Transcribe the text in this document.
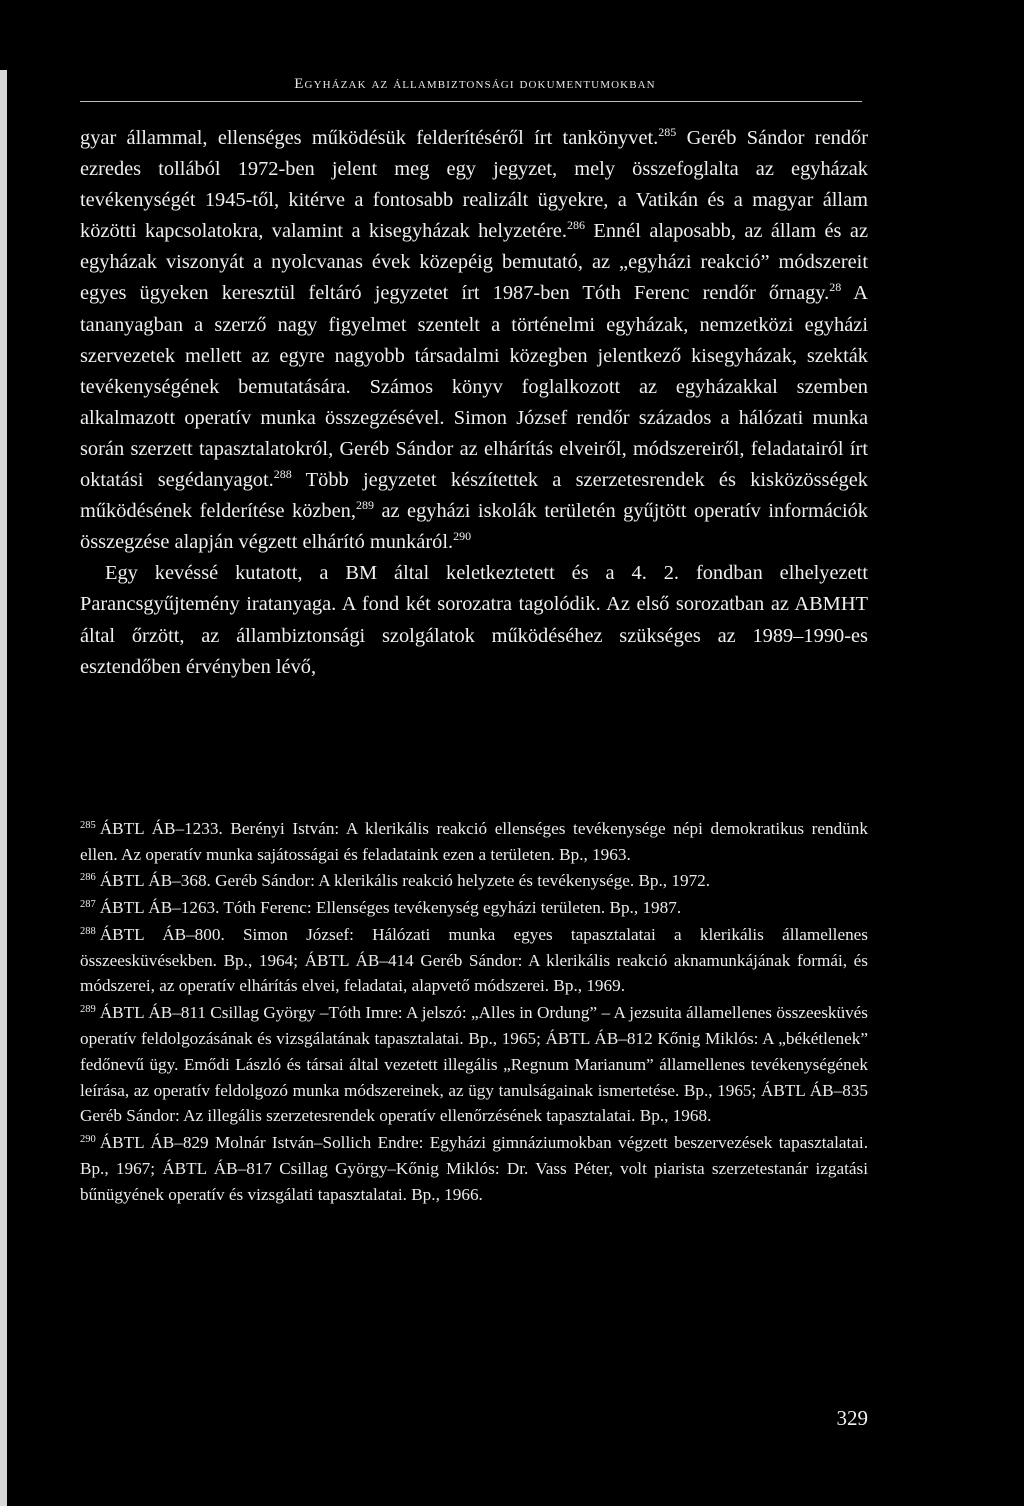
Egyházak az állambiztonsági dokumentumokban

gyar állammal, ellenséges működésük felderítéséről írt tankönyvet.$^{285}$ Geréb Sándor rendőr ezredes tollából 1972-ben jelent meg egy jegyzet, mely összefoglalta az egyházak tevékenységét 1945-től, kitérve a fontosabb realizált ügyekre, a Vatikán és a magyar állam közötti kapcsolatokra, valamint a kisegyházak helyzetére.$^{286}$ Ennél alaposabb, az állam és az egyházak viszonyát a nyolcvanas évek közepéig bemutató, az „egyházi reakció” módszereit egyes ügyeken keresztül feltáró jegyzetet írt 1987-ben Tóth Ferenc rendőr őrnagy.$^{28}$ A tananyagban a szerző nagy figyelmet szentelt a történelmi egyházak, nemzetközi egyházi szervezetek mellett az egyre nagyobb társadalmi közegben jelentkező kisegyházak, szekták tevékenységének bemutatására. Számos könyv foglalkozott az egyházakkal szemben alkalmazott operatív munka összegzésével. Simon József rendőr százados a hálózati munka során szerzett tapasztalatokról, Geréb Sándor az elhárítás elveiről, módszereiről, feladatairól írt oktatási segédanyagot.$^{288}$ Több jegyzetet készítettek a szerzetesrendek és kisközösségek működésének felderítése közben,$^{289}$ az egyházi iskolák területén gyűjtött operatív információk összegzése alapján végzett elhárító munkáról.$^{290}$

Egy kevéssé kutatott, a BM által keletkeztetett és a 4. 2. fondban elhelyezett Parancsgyűjtemény iratanyaga. A fond két sorozatra tagolódik. Az első sorozatban az ABMHT által őrzött, az állambiztonsági szolgálatok működéséhez szükséges az 1989–1990-es esztendőben érvényben lévő,

$^{285}$ ÁBTL ÁB–1233. Berényi István: A klerikális reakció ellenséges tevékenysége népi demokratikus rendünk ellen. Az operatív munka sajátosságai és feladataink ezen a területen. Bp., 1963.

$^{286}$ ÁBTL ÁB–368. Geréb Sándor: A klerikális reakció helyzete és tevékenysége. Bp., 1972.

$^{287}$ ÁBTL ÁB–1263. Tóth Ferenc: Ellenséges tevékenység egyházi területen. Bp., 1987.

$^{288}$ ÁBTL ÁB–800. Simon József: Hálózati munka egyes tapasztalatai a klerikális államellenes összeesküvésekben. Bp., 1964; ÁBTL ÁB–414 Geréb Sándor: A klerikális reakció aknamunkájának formái, és módszerei, az operatív elhárítás elvei, feladatai, alapvető módszerei. Bp., 1969.

$^{289}$ ÁBTL ÁB–811 Csillag György –Tóth Imre: A jelszó: „Alles in Ordung” – A jezsuita államellenes összeesküvés operatív feldolgozásának és vizsgálatának tapasztalatai. Bp., 1965; ÁBTL ÁB–812 Kőnig Miklós: A „békétlenek” fedőnevű ügy. Emődi László és társai által vezetett illegális „Regnum Marianum” államellenes tevékenységének leírása, az operatív feldolgozó munka módszereinek, az ügy tanulságainak ismertetése. Bp., 1965; ÁBTL ÁB–835 Geréb Sándor: Az illegális szerzetesrendek operatív ellenőrzésének tapasztalatai. Bp., 1968.

$^{290}$ ÁBTL ÁB–829 Molnár István–Sollich Endre: Egyházi gimnáziumokban végzett beszervezések tapasztalatai. Bp., 1967; ÁBTL ÁB–817 Csillag György–Kőnig Miklós: Dr. Vass Péter, volt piarista szerzetestanár izgatási bűnügyének operatív és vizsgálati tapasztalatai. Bp., 1966.

329
